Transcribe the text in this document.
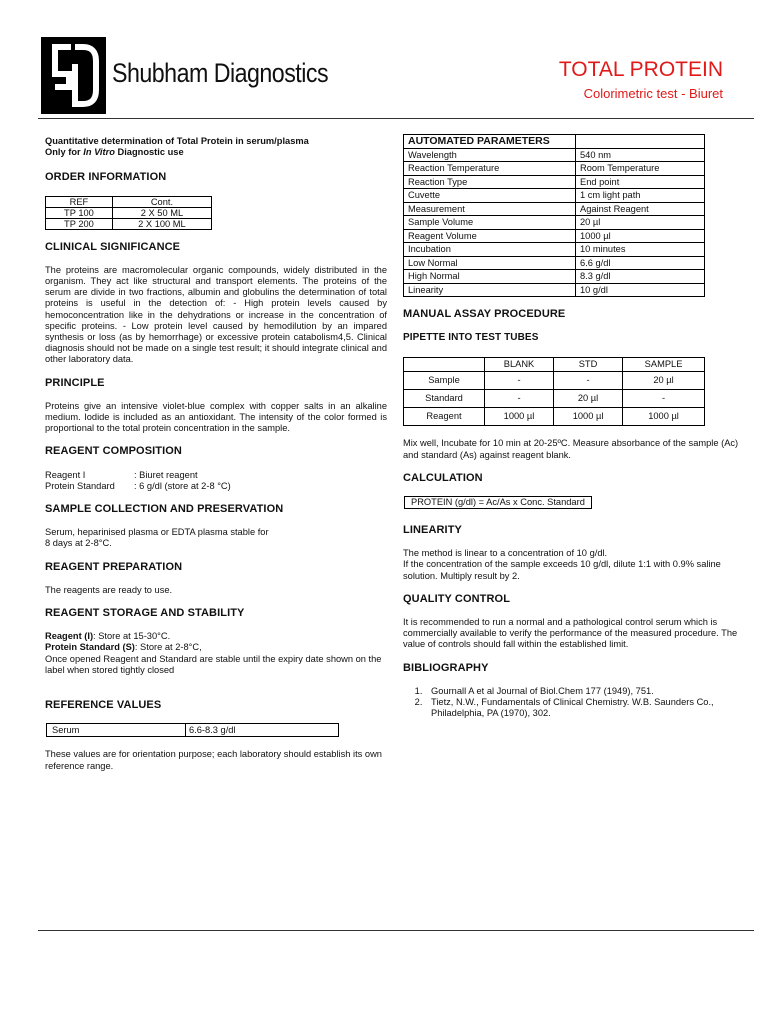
Shubham Diagnostics	TOTAL PROTEIN
Colorimetric test - Biuret
Quantitative determination of Total Protein in serum/plasma
Only for In Vitro Diagnostic use
ORDER INFORMATION
REF	Cont.
TP 100	2 X 50 ML
TP 200	2 X 100 ML
CLINICAL SIGNIFICANCE

The proteins are macromolecular organic compounds, widely distributed in the organism. They act like structural and transport elements. The proteins of the serum are divide in two fractions, albumin and globulins the determination of total proteins is useful in the detection of: - High protein levels caused by hemoconcentration like in the dehydrations or increase in the concentration of specific proteins. - Low protein level caused by hemodilution by an impared synthesis or loss (as by hemorrhage) or excessive protein catabolism4,5. Clinical diagnosis should not be made on a single test result; it should integrate clinical and other laboratory data.

PRINCIPLE

Proteins give an intensive violet-blue complex with copper salts in an alkaline medium. Iodide is included as an antioxidant. The intensity of the color formed is proportional to the total protein concentration in the sample.

REAGENT COMPOSITION

Reagent I	: Biuret reagent
Protein Standard : 6 g/dl (store at 2-8 °C)

SAMPLE COLLECTION AND PRESERVATION

Serum, heparinised plasma or EDTA plasma stable for
8 days at 2-8°C.

REAGENT PREPARATION

The reagents are ready to use.

REAGENT STORAGE AND STABILITY

Reagent (I): Store at 15-30°C.
Protein Standard (S): Store at 2-8°C,
Once opened Reagent and Standard are stable until the expiry date shown on the label when stored tightly closed

REFERENCE VALUES
Serum	6.6-8.3 g/dl

These values are for orientation purpose; each laboratory should establish its own reference range.

AUTOMATED PARAMETERS	
Wavelength	540 nm
Reaction Temperature	Room Temperature
Reaction Type	End point
Cuvette	1 cm light path
Measurement	Against Reagent
Sample Volume	20 µl
Reagent Volume	1000 µl
Incubation	10 minutes
Low Normal	6.6 g/dl
High Normal	8.3 g/dl
Linearity	10 g/dl
MANUAL ASSAY PROCEDURE
PIPETTE INTO TEST TUBES
	BLANK	STD	SAMPLE
Sample	-	-	20 µl
Standard	-	20 µl	-
Reagent	1000 µl	1000 µl	1000 µl

Mix well, Incubate for 10 min at 20-25ºC. Measure absorbance of the sample (Ac) and standard (As) against reagent blank.

CALCULATION
PROTEIN (g/dl) = Ac/As x Conc. Standard
LINEARITY

The method is linear to a concentration of 10 g/dl.
If the concentration of the sample exceeds 10 g/dl, dilute 1:1 with 0.9% saline solution. Multiply result by 2.

QUALITY CONTROL

It is recommended to run a normal and a pathological control serum which is commercially available to verify the performance of the measured procedure. The value of controls should fall within the established limit.

BIBLIOGRAPHY
1. Gournall A et al Journal of Biol.Chem 177 (1949), 751.
2. Tietz, N.W., Fundamentals of Clinical Chemistry. W.B. Saunders Co., Philadelphia, PA (1970), 302.
